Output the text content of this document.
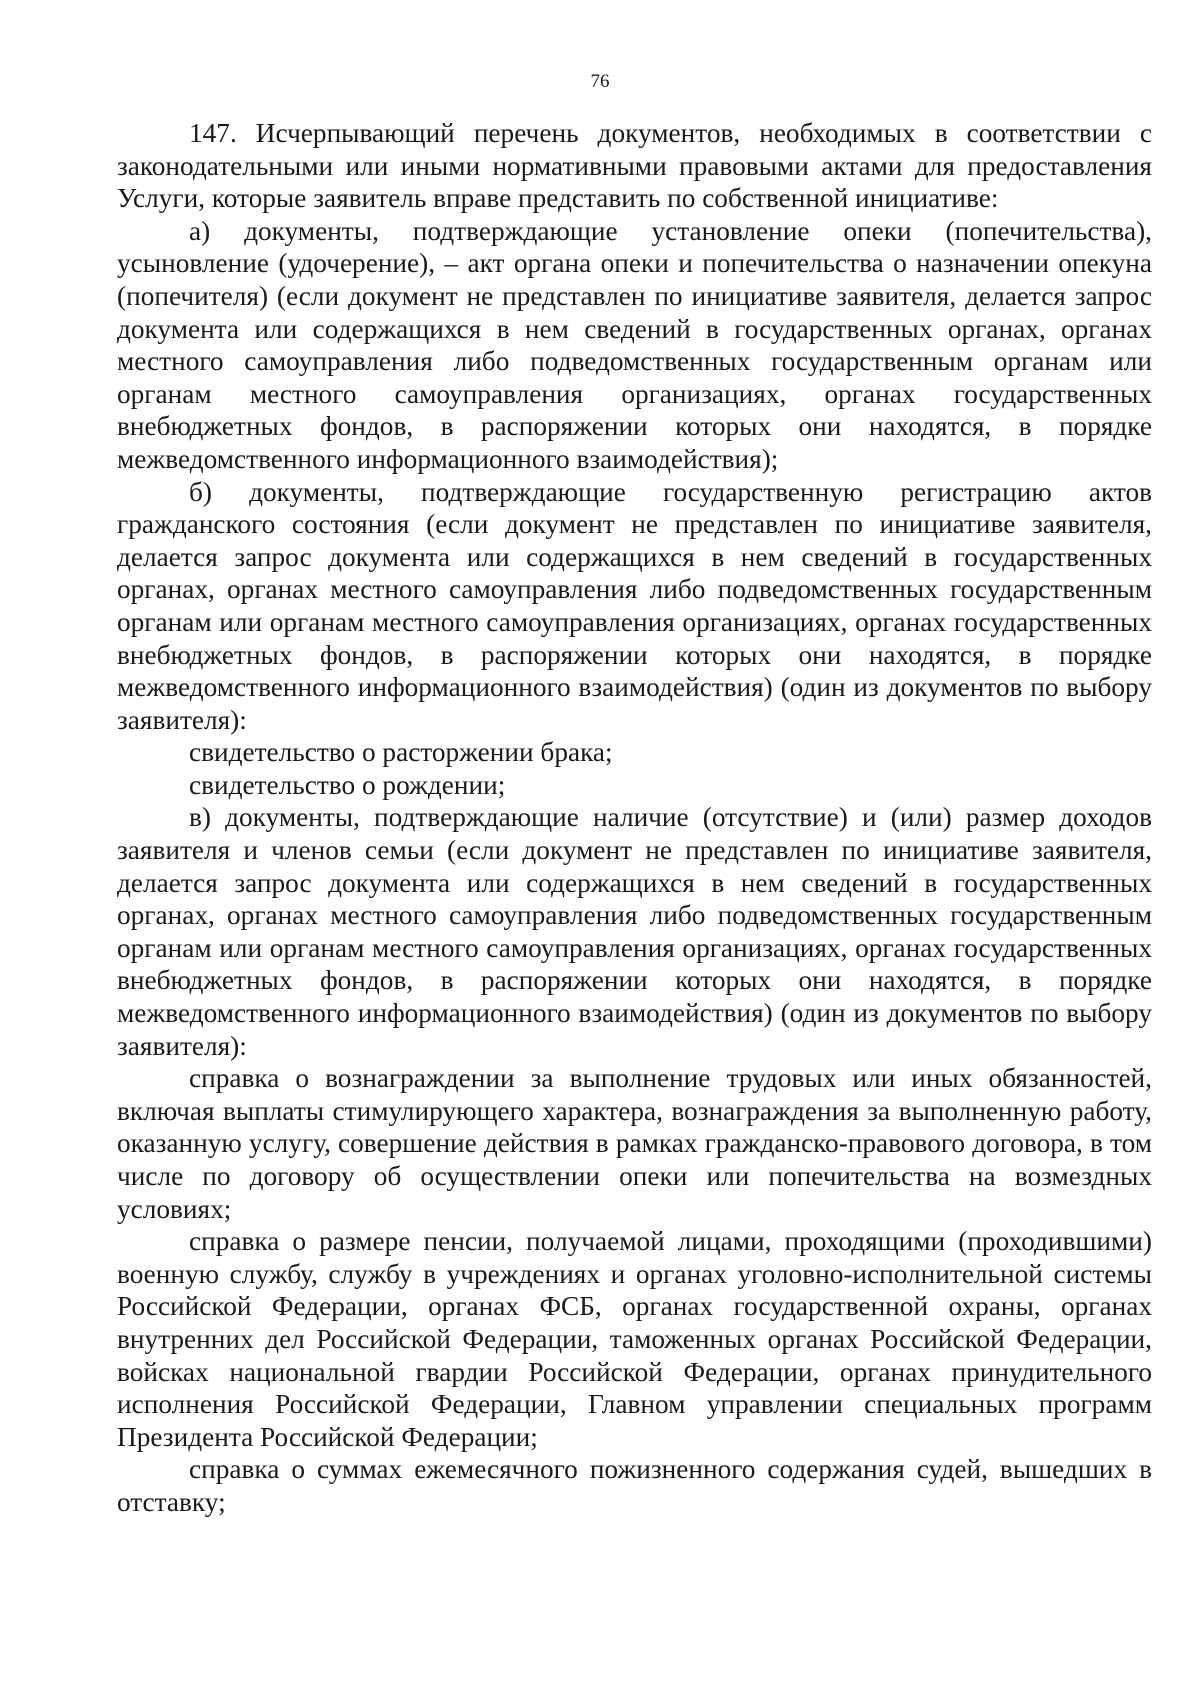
76

147. Исчерпывающий перечень документов, необходимых в соответствии с законодательными или иными нормативными правовыми актами для предоставления Услуги, которые заявитель вправе представить по собственной инициативе:

а) документы, подтверждающие установление опеки (попечительства), усыновление (удочерение), – акт органа опеки и попечительства о назначении опекуна (попечителя) (если документ не представлен по инициативе заявителя, делается запрос документа или содержащихся в нем сведений в государственных органах, органах местного самоуправления либо подведомственных государственным органам или органам местного самоуправления организациях, органах государственных внебюджетных фондов, в распоряжении которых они находятся, в порядке межведомственного информационного взаимодействия);

б) документы, подтверждающие государственную регистрацию актов гражданского состояния (если документ не представлен по инициативе заявителя, делается запрос документа или содержащихся в нем сведений в государственных органах, органах местного самоуправления либо подведомственных государственным органам или органам местного самоуправления организациях, органах государственных внебюджетных фондов, в распоряжении которых они находятся, в порядке межведомственного информационного взаимодействия) (один из документов по выбору заявителя):

свидетельство о расторжении брака;

свидетельство о рождении;

в) документы, подтверждающие наличие (отсутствие) и (или) размер доходов заявителя и членов семьи (если документ не представлен по инициативе заявителя, делается запрос документа или содержащихся в нем сведений в государственных органах, органах местного самоуправления либо подведомственных государственным органам или органам местного самоуправления организациях, органах государственных внебюджетных фондов, в распоряжении которых они находятся, в порядке межведомственного информационного взаимодействия) (один из документов по выбору заявителя):

справка о вознаграждении за выполнение трудовых или иных обязанностей, включая выплаты стимулирующего характера, вознаграждения за выполненную работу, оказанную услугу, совершение действия в рамках гражданско-правового договора, в том числе по договору об осуществлении опеки или попечительства на возмездных условиях;

справка о размере пенсии, получаемой лицами, проходящими (проходившими) военную службу, службу в учреждениях и органах уголовно-исполнительной системы Российской Федерации, органах ФСБ, органах государственной охраны, органах внутренних дел Российской Федерации, таможенных органах Российской Федерации, войсках национальной гвардии Российской Федерации, органах принудительного исполнения Российской Федерации, Главном управлении специальных программ Президента Российской Федерации;

справка о суммах ежемесячного пожизненного содержания судей, вышедших в отставку;
